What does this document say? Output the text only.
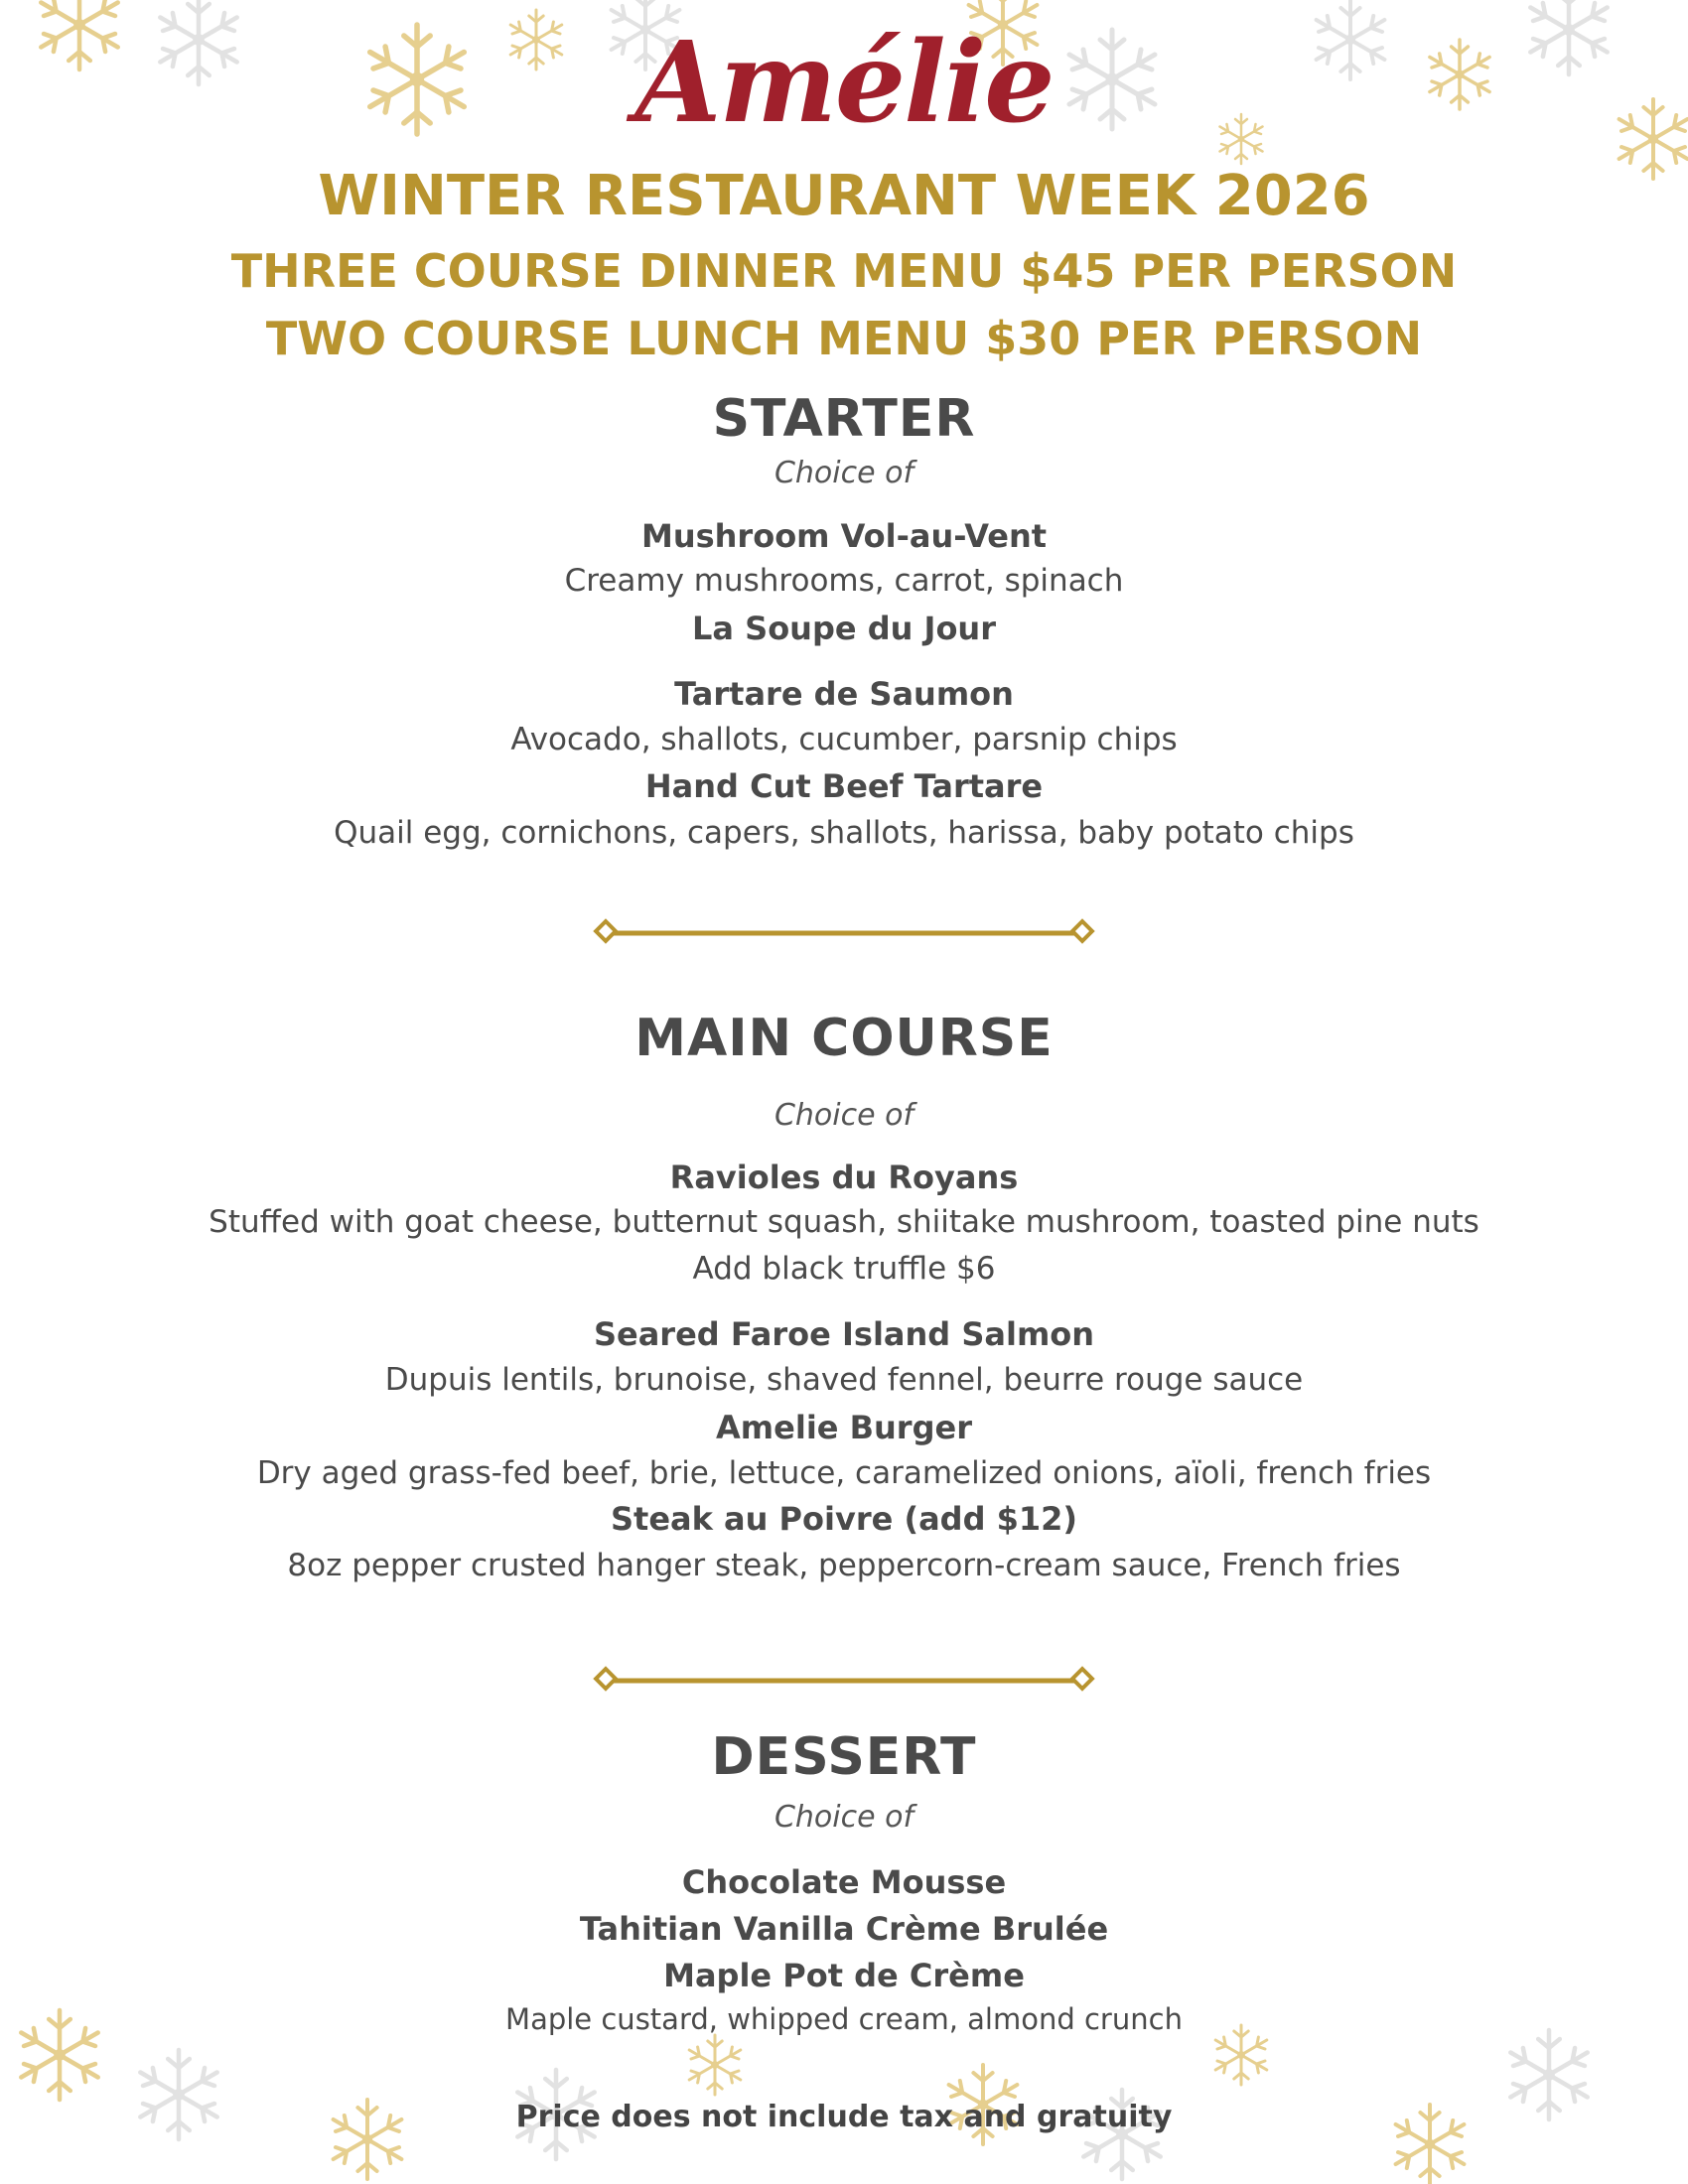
Amélie
WINTER RESTAURANT WEEK 2026
THREE COURSE DINNER MENU $45 PER PERSON
TWO COURSE LUNCH MENU $30 PER PERSON
STARTER
Choice of
Mushroom Vol-au-Vent
Creamy mushrooms, carrot, spinach
La Soupe du Jour
Tartare de Saumon
Avocado, shallots, cucumber, parsnip chips
Hand Cut Beef Tartare
Quail egg, cornichons, capers, shallots, harissa, baby potato chips
MAIN COURSE
Choice of
Ravioles du Royans
Stuffed with goat cheese, butternut squash, shiitake mushroom, toasted pine nuts
Add black truffle $6
Seared Faroe Island Salmon
Dupuis lentils, brunoise, shaved fennel, beurre rouge sauce
Amelie Burger
Dry aged grass-fed beef, brie, lettuce, caramelized onions, aïoli, french fries
Steak au Poivre (add $12)
8oz pepper crusted hanger steak, peppercorn-cream sauce, French fries
DESSERT
Choice of
Chocolate Mousse
Tahitian Vanilla Crème Brulée
Maple Pot de Crème
Maple custard, whipped cream, almond crunch
Price does not include tax and gratuity
